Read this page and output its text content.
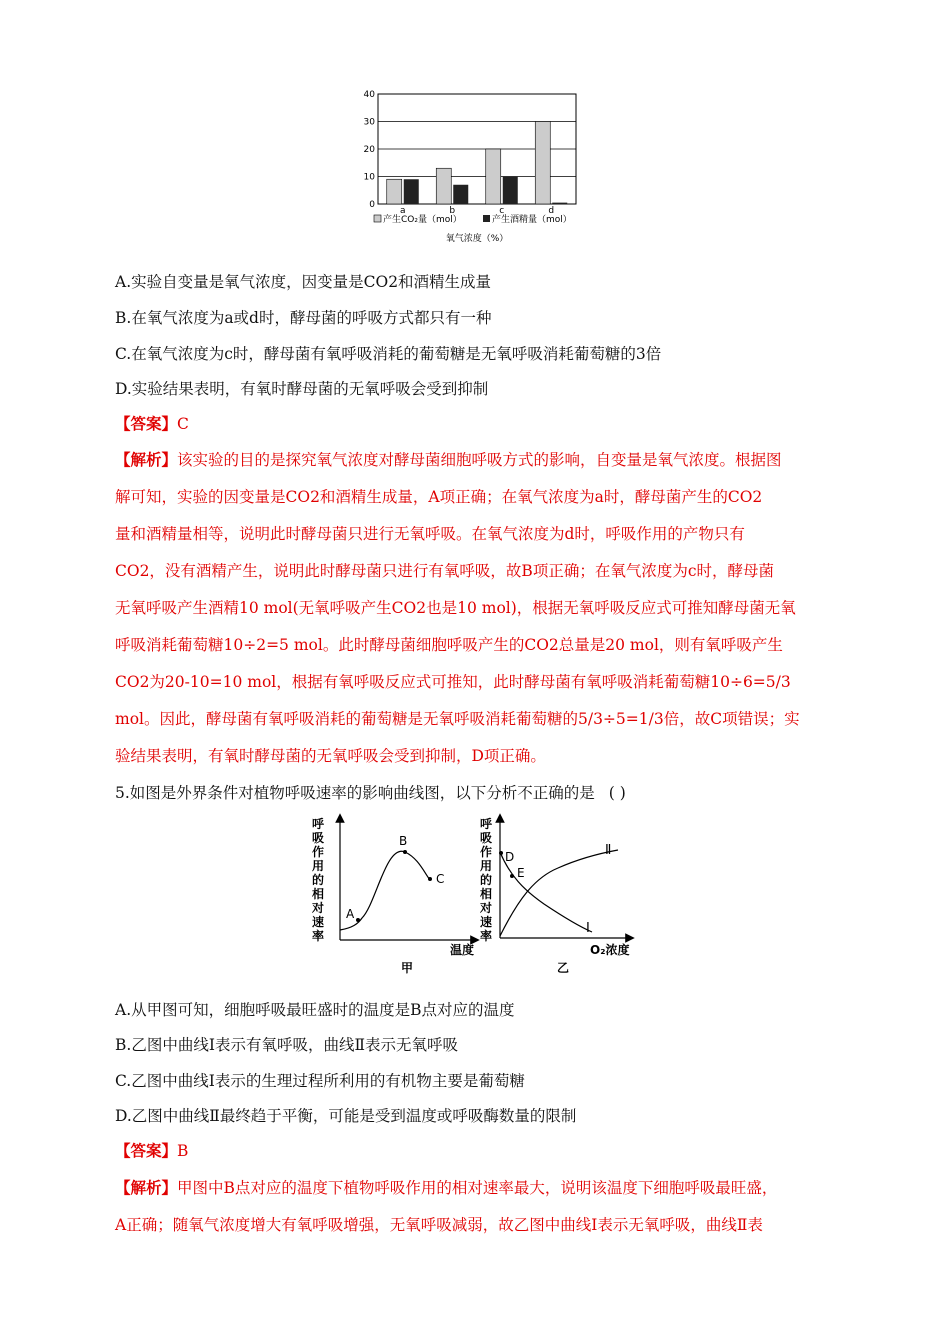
40
30
20
10
0
a	b	c	d
产生CO₂量（mol）	产生酒精量（mol）
氧气浓度（%）
A.实验自变量是氧气浓度，因变量是CO2和酒精生成量
B.在氧气浓度为a或d时，酵母菌的呼吸方式都只有一种
C.在氧气浓度为c时，酵母菌有氧呼吸消耗的葡萄糖是无氧呼吸消耗葡萄糖的3倍
D.实验结果表明，有氧时酵母菌的无氧呼吸会受到抑制
【答案】C
【解析】该实验的目的是探究氧气浓度对酵母菌细胞呼吸方式的影响，自变量是氧气浓度。根据图
解可知，实验的因变量是CO2和酒精生成量，A项正确；在氧气浓度为a时，酵母菌产生的CO2
量和酒精量相等，说明此时酵母菌只进行无氧呼吸。在氧气浓度为d时，呼吸作用的产物只有
CO2，没有酒精产生，说明此时酵母菌只进行有氧呼吸，故B项正确；在氧气浓度为c时，酵母菌
无氧呼吸产生酒精10 mol(无氧呼吸产生CO2也是10 mol)，根据无氧呼吸反应式可推知酵母菌无氧
呼吸消耗葡萄糖10÷2=5 mol。此时酵母菌细胞呼吸产生的CO2总量是20 mol，则有氧呼吸产生
CO2为20-10=10 mol，根据有氧呼吸反应式可推知，此时酵母菌有氧呼吸消耗葡萄糖10÷6=5/3
mol。因此，酵母菌有氧呼吸消耗的葡萄糖是无氧呼吸消耗葡萄糖的5/3÷5=1/3倍，故C项错误；实
验结果表明，有氧时酵母菌的无氧呼吸会受到抑制，D项正确。
5.如图是外界条件对植物呼吸速率的影响曲线图，以下分析不正确的是 ( )
呼
吸
作
用
的
相
对
速
率
A
B
C
温度
甲
呼
吸
作
用
的
相
对
速
率
D
E
Ⅱ
Ⅰ
O₂浓度
乙
A.从甲图可知，细胞呼吸最旺盛时的温度是B点对应的温度
B.乙图中曲线Ⅰ表示有氧呼吸，曲线Ⅱ表示无氧呼吸
C.乙图中曲线Ⅰ表示的生理过程所利用的有机物主要是葡萄糖
D.乙图中曲线Ⅱ最终趋于平衡，可能是受到温度或呼吸酶数量的限制
【答案】B
【解析】甲图中B点对应的温度下植物呼吸作用的相对速率最大，说明该温度下细胞呼吸最旺盛，
A正确；随氧气浓度增大有氧呼吸增强，无氧呼吸减弱，故乙图中曲线Ⅰ表示无氧呼吸，曲线Ⅱ表
